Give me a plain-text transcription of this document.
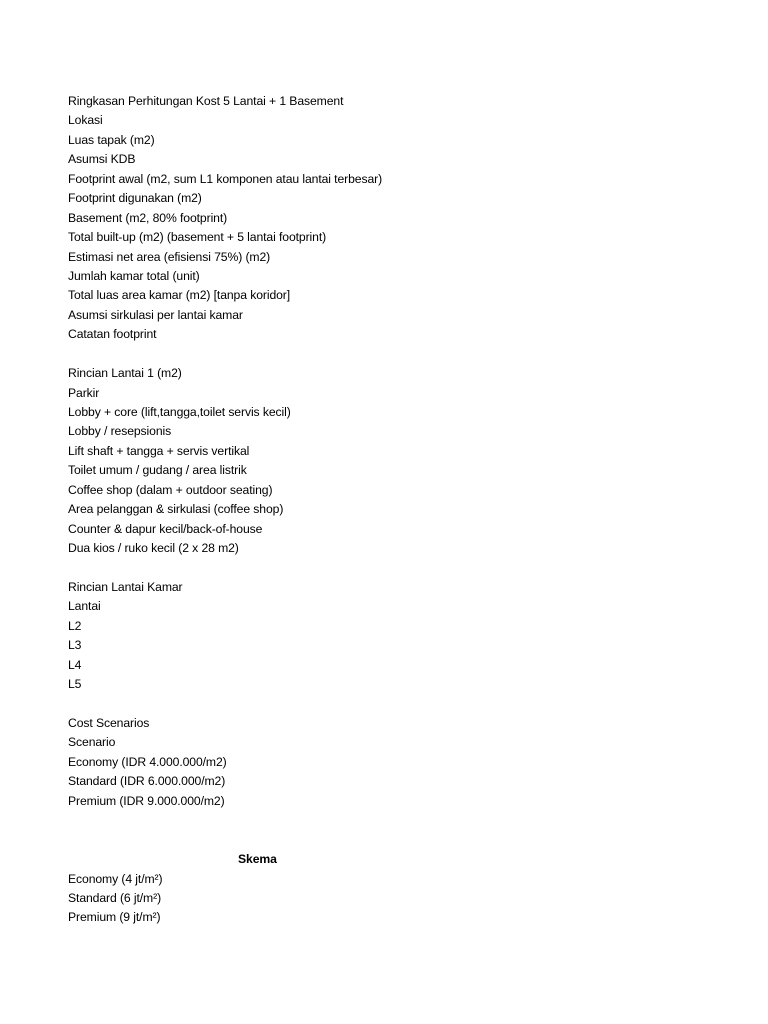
Ringkasan Perhitungan Kost 5 Lantai + 1 Basement
Lokasi
Luas tapak (m2)
Asumsi KDB
Footprint awal (m2, sum L1 komponen atau lantai terbesar)
Footprint digunakan (m2)
Basement (m2, 80% footprint)
Total built-up (m2) (basement + 5 lantai footprint)
Estimasi net area (efisiensi 75%) (m2)
Jumlah kamar total (unit)
Total luas area kamar (m2) [tanpa koridor]
Asumsi sirkulasi per lantai kamar
Catatan footprint
Rincian Lantai 1 (m2)
Parkir
Lobby + core (lift,tangga,toilet servis kecil)
Lobby / resepsionis
Lift shaft + tangga + servis vertikal
Toilet umum / gudang / area listrik
Coffee shop (dalam + outdoor seating)
Area pelanggan & sirkulasi (coffee shop)
Counter & dapur kecil/back-of-house
Dua kios / ruko kecil (2 x 28 m2)
Rincian Lantai Kamar
Lantai
L2
L3
L4
L5
Cost Scenarios
Scenario
Economy (IDR 4.000.000/m2)
Standard (IDR 6.000.000/m2)
Premium (IDR 9.000.000/m2)
Skema
Economy (4 jt/m²)
Standard (6 jt/m²)
Premium (9 jt/m²)
